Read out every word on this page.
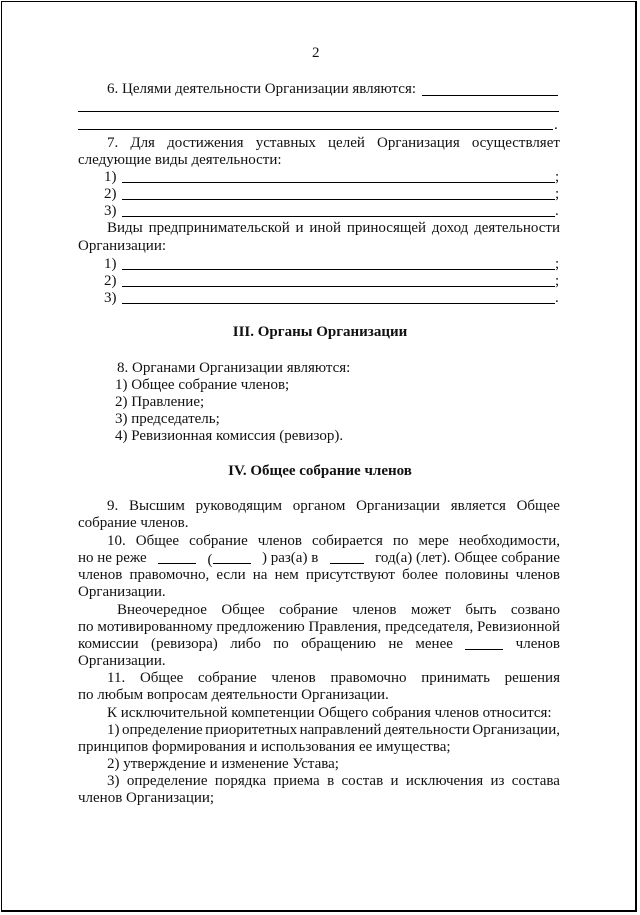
2
6. Целями деятельности Организации являются:
.
7. Для достижения уставных целей Организация осуществляет
следующие виды деятельности:
1)	;
2)	;
3)	.
Виды предпринимательской и иной приносящей доход деятельности
Организации:
1)	;
2)	;
3)	.
III. Органы Организации
8. Органами Организации являются:
1) Общее собрание членов;
2) Правление;
3) председатель;
4) Ревизионная комиссия (ревизор).
IV. Общее собрание членов
9. Высшим руководящим органом Организации является Общее
собрание членов.
10. Общее собрание членов собирается по мере необходимости,
но не реже	(	) раз(а) в	год(а) (лет). Общее собрание
членов правомочно, если на нем присутствуют более половины членов
Организации.
Внеочередное Общее собрание членов может быть созвано
по мотивированному предложению Правления, председателя, Ревизионной
комиссии (ревизора) либо по обращению не менее	членов
Организации.
11. Общее собрание членов правомочно принимать решения
по любым вопросам деятельности Организации.
К исключительной компетенции Общего собрания членов относится:
1) определение приоритетных направлений деятельности Организации,
принципов формирования и использования ее имущества;
2) утверждение и изменение Устава;
3) определение порядка приема в состав и исключения из состава
членов Организации;
